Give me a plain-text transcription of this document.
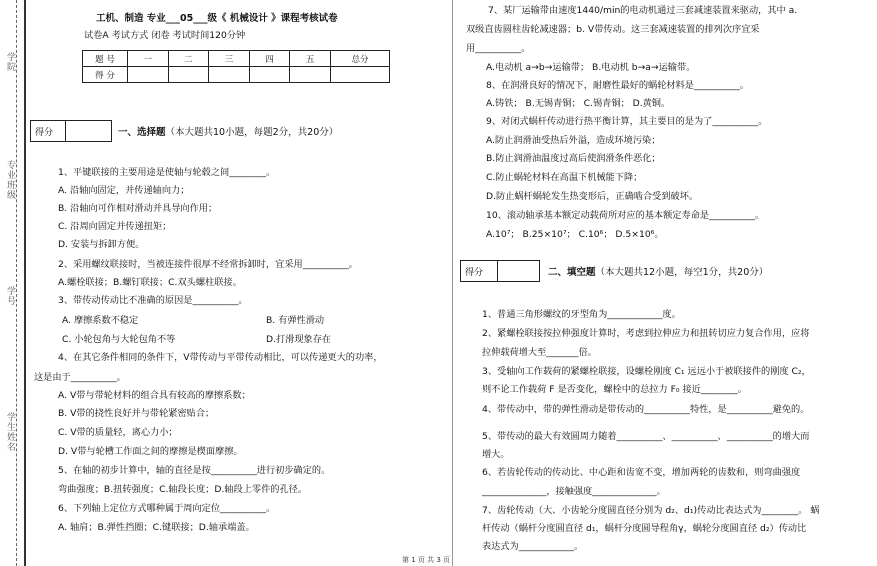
学院
专业班级
学号
学生姓名
工机、制造 专业___05___级《 机械设计 》课程考核试卷
试卷A 考试方式 闭卷 考试时间120分钟
题 号	一	二	三	四	五	总分
得 分						
得分	一、选择题（本大题共10小题，每题2分，共20分）
1、平键联接的主要用途是使轴与轮毂之间________。
A. 沿轴向固定，并传递轴向力；
B. 沿轴向可作相对滑动并具导向作用；
C. 沿周向固定并传递扭矩；
D. 安装与拆卸方便。
2、采用螺纹联接时，当被连接件很厚不经常拆卸时，宜采用__________。
A.螺栓联接；B.螺钉联接；C.双头螺柱联接。
3、带传动传动比不准确的原因是__________。
A. 摩擦系数不稳定	B. 有弹性滑动
C. 小轮包角与大轮包角不等	D.打滑现象存在
4、在其它条件相同的条件下，V带传动与平带传动相比，可以传递更大的功率，
这是由于__________。
A. V带与带轮材料的组合具有较高的摩擦系数；
B. V带的挠性良好并与带轮紧密贴合；
C. V带的质量轻，离心力小；
D. V带与轮槽工作面之间的摩擦是楔面摩擦。
5、在轴的初步计算中，轴的直径是按__________进行初步确定的。
弯曲强度；B.扭转强度；C.轴段长度；D.轴段上零件的孔径。
6、下列轴上定位方式哪种属于周向定位__________。
A. 轴肩；B.弹性挡圈；C.键联接；D.轴承端盖。
7、某厂运输带由速度1440/min的电动机通过三套减速装置来驱动，其中 a.
双级直齿圆柱齿轮减速器；b. V带传动。这三套减速装置的排列次序宜采
用__________。
A.电动机 a→b→运输带； B.电动机 b→a→运输带。
8、在润滑良好的情况下，耐磨性最好的蜗轮材料是__________。
A.铸铁； B.无锡青铜； C.锡青铜； D.黄铜。
9、对闭式蜗杆传动进行热平衡计算，其主要目的是为了__________。
A.防止润滑油受热后外溢，造成环境污染；
B.防止润滑油温度过高后使润滑条件恶化；
C.防止蜗轮材料在高温下机械能下降；
D.防止蜗杆蜗轮发生热变形后，正确啮合受到破坏。
10、滚动轴承基本额定动载荷所对应的基本额定寿命是__________。
A.10⁷； B.25×10⁷； C.10⁶； D.5×10⁶。
得分	二、填空题（本大题共12小题，每空1分，共20分）
1、普通三角形螺纹的牙型角为____________度。
2、紧螺栓联接按拉伸强度计算时，考虑到拉伸应力和扭转切应力复合作用，应将
拉伸载荷增大至_______倍。
3、受轴向工作载荷的紧螺栓联接，设螺栓刚度 C₁ 远远小于被联接件的刚度 C₂，
则不论工作载荷 F 是否变化，螺栓中的总拉力 F₀ 接近________。
4、带传动中，带的弹性滑动是带传动的__________特性，是__________避免的。
5、带传动的最大有效圆周力随着__________、__________、__________的增大而
增大。
6、若齿轮传动的传动比、中心距和齿宽不变，增加两轮的齿数和，则弯曲强度
______________，接触强度______________。
7、齿轮传动（大、小齿轮分度圆直径分别为 d₂、d₁)传动比表达式为________。 蜗
杆传动（蜗杆分度圆直径 d₁，蜗杆分度圆导程角γ，蜗轮分度圆直径 d₂）传动比
表达式为____________。
第 1 页 共 3 页
